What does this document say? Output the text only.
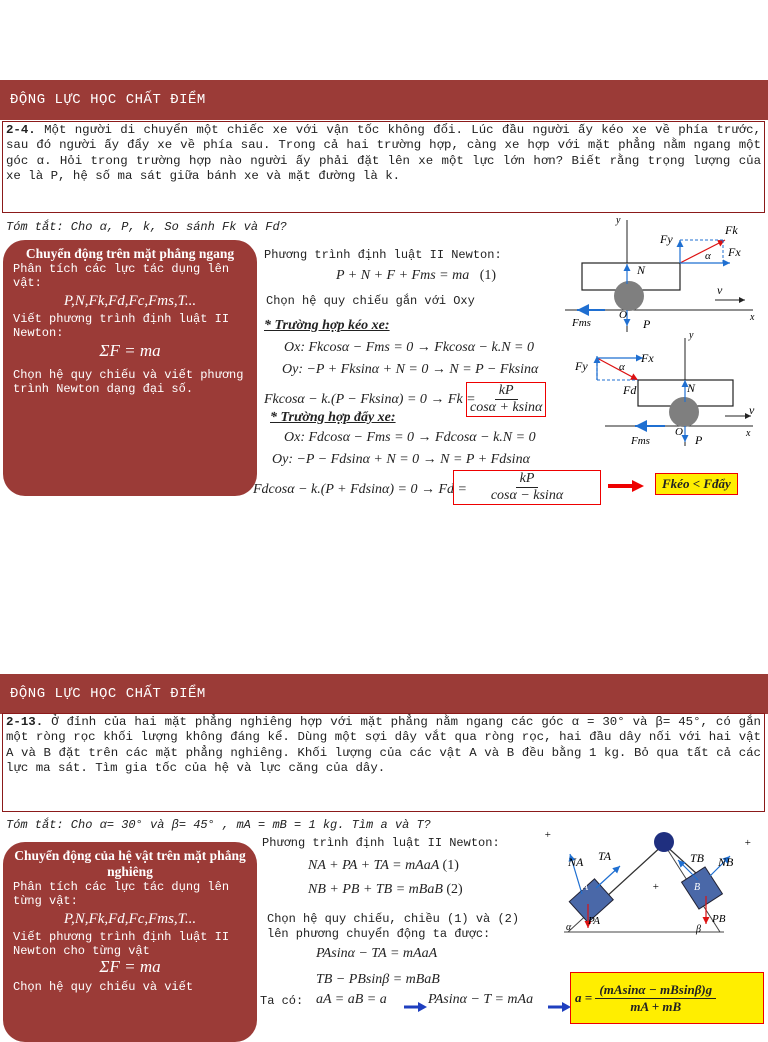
ĐỘNG LỰC HỌC CHẤT ĐIỂM
2-4. Một người di chuyển một chiếc xe với vận tốc không đổi. Lúc đầu người ấy kéo xe về phía trước, sau đó người ấy đẩy xe về phía sau. Trong cả hai trường hợp, càng xe hợp với mặt phẳng nằm ngang một góc α. Hỏi trong trường hợp nào người ấy phải đặt lên xe một lực lớn hơn? Biết rằng trọng lượng của xe là P, hệ số ma sát giữa bánh xe và mặt đường là k.
Tóm tắt: Cho α, P, k, So sánh Fk và Fd?
Chuyển động trên mặt phẳng ngang
Phân tích các lực tác dụng lên vật:
P,N,Fk,Fd,Fc,Fms,T...
Viết phương trình định luật II Newton:
ΣF = ma
Chọn hệ quy chiếu và viết phương trình Newton dạng đại số.
Phương trình định luật II Newton:
P + N + F + Fms = ma (1)
Chọn hệ quy chiếu gắn với Oxy
* Trường hợp kéo xe:
Ox: Fkcosα − Fms = 0 → Fkcosα − k.N = 0
Oy: −P + Fksinα + N = 0 → N = P − Fksinα
Fkcosα − k.(P − Fksinα) = 0 → Fk =
$\frac{kP}{\cos\alpha + ksin\alpha}$
* Trường hợp đẩy xe:
Ox: Fdcosα − Fms = 0 → Fdcosα − k.N = 0
Oy: −P − Fdsinα + N = 0 → N = P + Fdsinα
$Fdcos\alpha - k.(P + Fdsin\alpha) = 0 \to Fd = \frac{kP}{\cos\alpha - ksin\alpha}$	Fkéo < Fđẩy
Fy
Fk
Fx
α
N
v
Fms
O
P	x
y
Fy
Fx
Fd
α
N
v
Fms
O
P	x
y
ĐỘNG LỰC HỌC CHẤT ĐIỂM
2-13. Ở đỉnh của hai mặt phẳng nghiêng hợp với mặt phẳng nằm ngang các góc α = 30° và β= 45°, có gắn một ròng rọc khối lượng không đáng kể. Dùng một sợi dây vắt qua ròng rọc, hai đầu dây nối với hai vật A và B đặt trên các mặt phẳng nghiêng. Khối lượng của các vật A và B đều bằng 1 kg. Bỏ qua tất cả các lực ma sát. Tìm gia tốc của hệ và lực căng của dây.
Tóm tắt: Cho α= 30° và β= 45° , mA = mB = 1 kg. Tìm a và T?
Chuyển động của hệ vật trên mặt phẳng nghiêng
Phân tích các lực tác dụng lên từng vật:
P,N,Fk,Fd,Fc,Fms,T...
Viết phương trình định luật II Newton cho từng vật
ΣF = ma
Chọn hệ quy chiếu và viết
Phương trình định luật II Newton:
NA + PA + TA = mAaA (1)
NB + PB + TB = mBaB (2)
Chọn hệ quy chiếu, chiều (1) và (2) lên phương chuyển động ta được:
PAsinα − TA = mAaA
TB − PBsinβ = mBaB
Ta có: aA = aB = a	PAsinα − T = mAa	a =
$\frac{(mAsin\alpha - mBsin\beta)g}{mA + mB}$
NA TA	TB NB
A	B
PA	PB
α	β
+
+
+
